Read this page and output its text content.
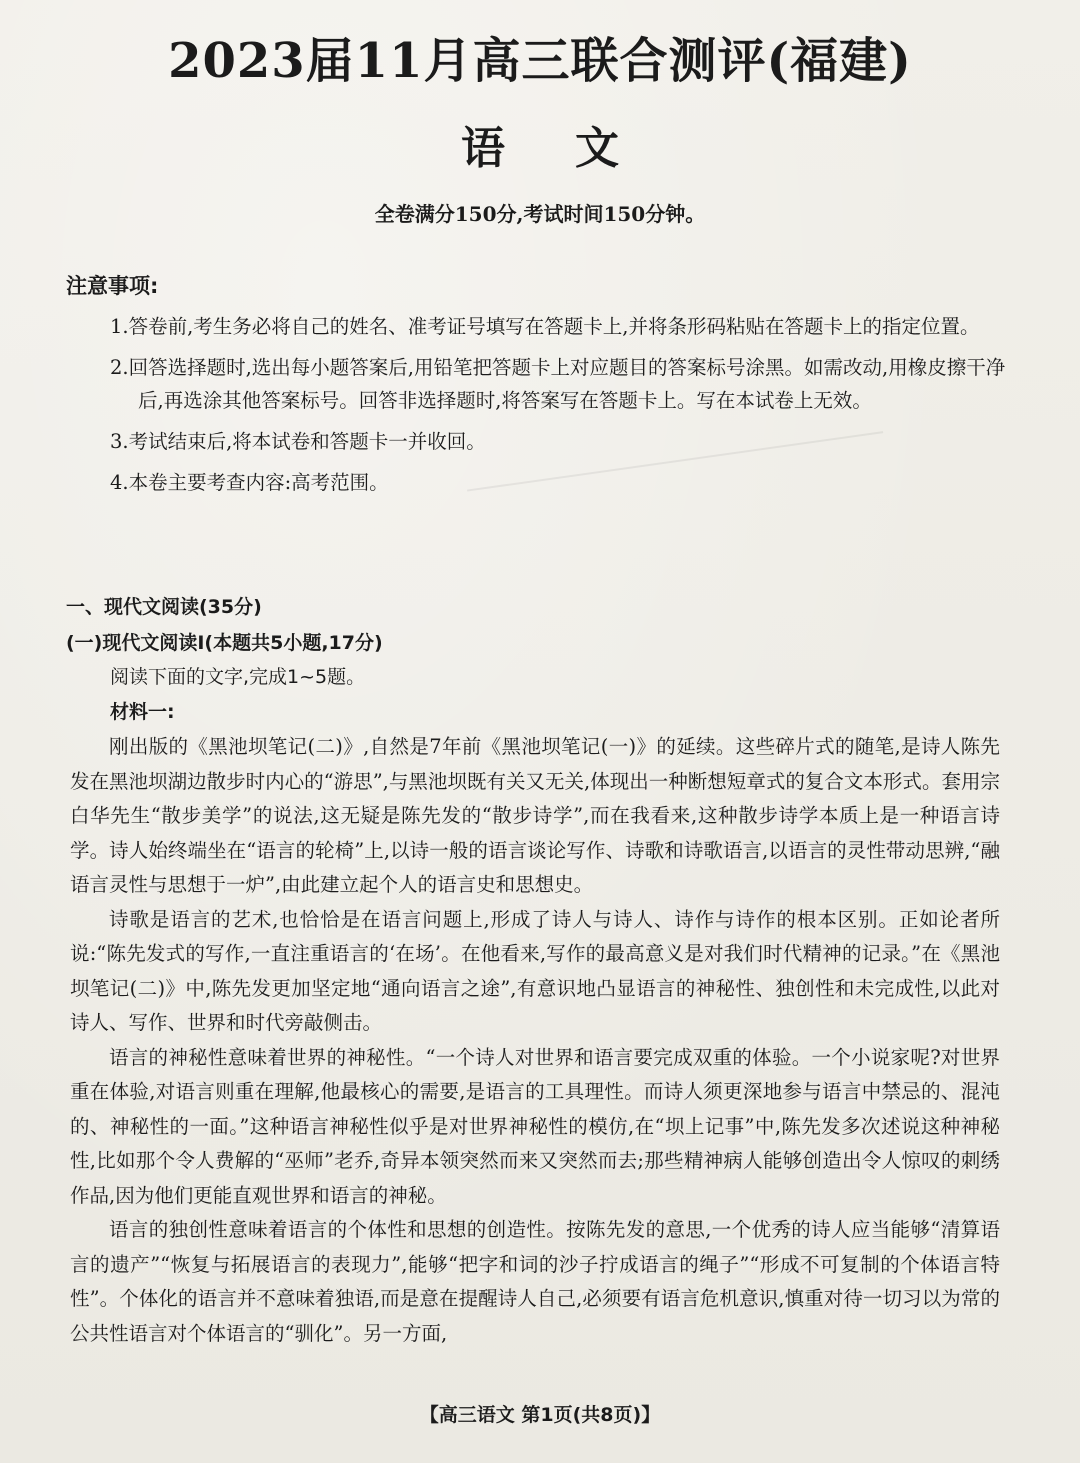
2023届11月高三联合测评(福建)
语文
全卷满分150分,考试时间150分钟。
注意事项:
1.答卷前,考生务必将自己的姓名、准考证号填写在答题卡上,并将条形码粘贴在答题卡上的指定位置。
2.回答选择题时,选出每小题答案后,用铅笔把答题卡上对应题目的答案标号涂黑。如需改动,用橡皮擦干净后,再选涂其他答案标号。回答非选择题时,将答案写在答题卡上。写在本试卷上无效。
3.考试结束后,将本试卷和答题卡一并收回。
4.本卷主要考查内容:高考范围。
一、现代文阅读(35分)
(一)现代文阅读Ⅰ(本题共5小题,17分)
阅读下面的文字,完成1~5题。
材料一:

刚出版的《黑池坝笔记(二)》,自然是7年前《黑池坝笔记(一)》的延续。这些碎片式的随笔,是诗人陈先发在黑池坝湖边散步时内心的“游思”,与黑池坝既有关又无关,体现出一种断想短章式的复合文本形式。套用宗白华先生“散步美学”的说法,这无疑是陈先发的“散步诗学”,而在我看来,这种散步诗学本质上是一种语言诗学。诗人始终端坐在“语言的轮椅”上,以诗一般的语言谈论写作、诗歌和诗歌语言,以语言的灵性带动思辨,“融语言灵性与思想于一炉”,由此建立起个人的语言史和思想史。

诗歌是语言的艺术,也恰恰是在语言问题上,形成了诗人与诗人、诗作与诗作的根本区别。正如论者所说:“陈先发式的写作,一直注重语言的‘在场’。在他看来,写作的最高意义是对我们时代精神的记录。”在《黑池坝笔记(二)》中,陈先发更加坚定地“通向语言之途”,有意识地凸显语言的神秘性、独创性和未完成性,以此对诗人、写作、世界和时代旁敲侧击。

语言的神秘性意味着世界的神秘性。“一个诗人对世界和语言要完成双重的体验。一个小说家呢?对世界重在体验,对语言则重在理解,他最核心的需要,是语言的工具理性。而诗人须更深地参与语言中禁忌的、混沌的、神秘性的一面。”这种语言神秘性似乎是对世界神秘性的模仿,在“坝上记事”中,陈先发多次述说这种神秘性,比如那个令人费解的“巫师”老乔,奇异本领突然而来又突然而去;那些精神病人能够创造出令人惊叹的刺绣作品,因为他们更能直观世界和语言的神秘。

语言的独创性意味着语言的个体性和思想的创造性。按陈先发的意思,一个优秀的诗人应当能够“清算语言的遗产”“恢复与拓展语言的表现力”,能够“把字和词的沙子拧成语言的绳子”“形成不可复制的个体语言特性”。个体化的语言并不意味着独语,而是意在提醒诗人自己,必须要有语言危机意识,慎重对待一切习以为常的公共性语言对个体语言的“驯化”。另一方面,

【高三语文 第1页(共8页)】
